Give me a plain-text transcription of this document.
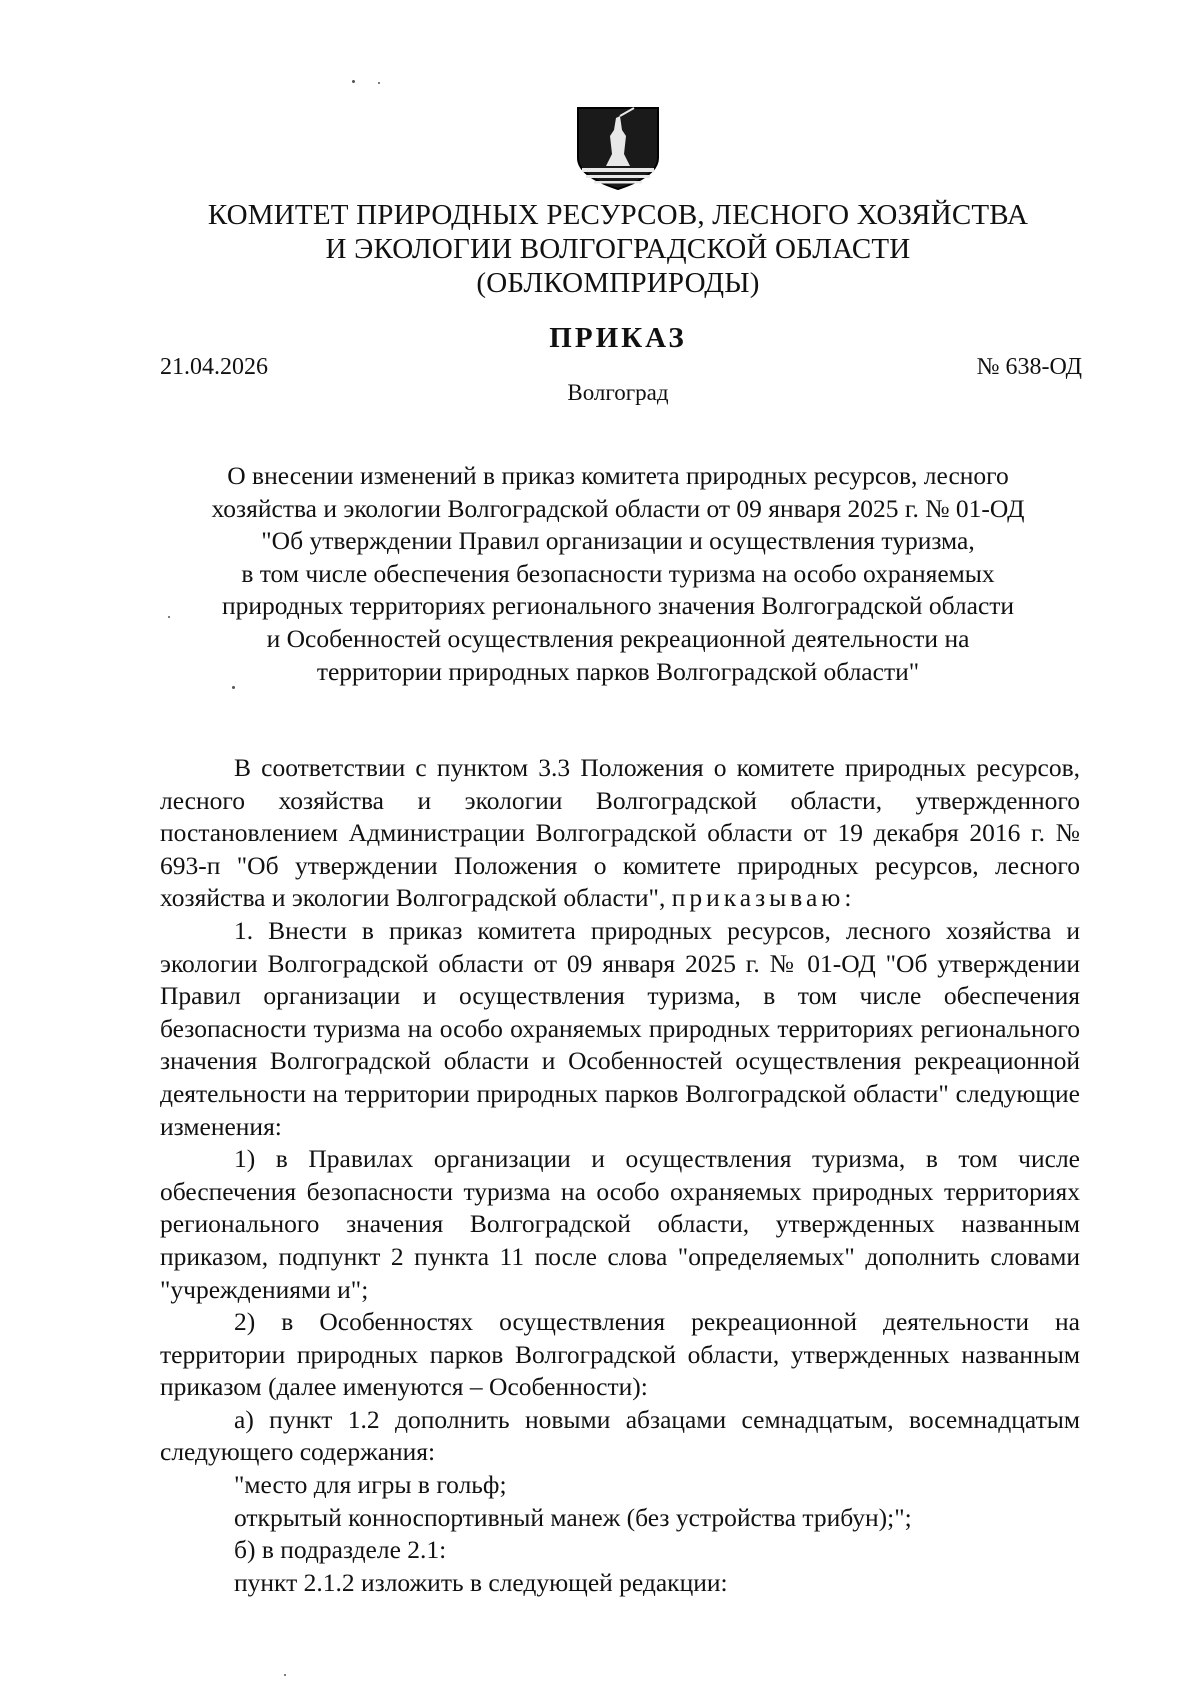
КОМИТЕТ ПРИРОДНЫХ РЕСУРСОВ, ЛЕСНОГО ХОЗЯЙСТВА
И ЭКОЛОГИИ ВОЛГОГРАДСКОЙ ОБЛАСТИ
(ОБЛКОМПРИРОДЫ)
ПРИКАЗ
21.04.2026	№ 638-ОД
Волгоград
О внесении изменений в приказ комитета природных ресурсов, лесного
хозяйства и экологии Волгоградской области от 09 января 2025 г. № 01-ОД
"Об утверждении Правил организации и осуществления туризма,
в том числе обеспечения безопасности туризма на особо охраняемых
природных территориях регионального значения Волгоградской области
и Особенностей осуществления рекреационной деятельности на
территории природных парков Волгоградской области"

В соответствии с пунктом 3.3 Положения о комитете природных ресурсов, лесного хозяйства и экологии Волгоградской области, утвержденного постановлением Администрации Волгоградской области от 19 декабря 2016 г. № 693-п "Об утверждении Положения о комитете природных ресурсов, лесного хозяйства и экологии Волгоградской области", приказываю:

1. Внести в приказ комитета природных ресурсов, лесного хозяйства и экологии Волгоградской области от 09 января 2025 г. № 01-ОД "Об утверждении Правил организации и осуществления туризма, в том числе обеспечения безопасности туризма на особо охраняемых природных территориях регионального значения Волгоградской области и Особенностей осуществления рекреационной деятельности на территории природных парков Волгоградской области" следующие изменения:

1) в Правилах организации и осуществления туризма, в том числе обеспечения безопасности туризма на особо охраняемых природных территориях регионального значения Волгоградской области, утвержденных названным приказом, подпункт 2 пункта 11 после слова "определяемых" дополнить словами "учреждениями и";

2) в Особенностях осуществления рекреационной деятельности на территории природных парков Волгоградской области, утвержденных названным приказом (далее именуются – Особенности):

а) пункт 1.2 дополнить новыми абзацами семнадцатым, восемнадцатым следующего содержания:

"место для игры в гольф;

открытый конноспортивный манеж (без устройства трибун);";

б) в подразделе 2.1:

пункт 2.1.2 изложить в следующей редакции:
